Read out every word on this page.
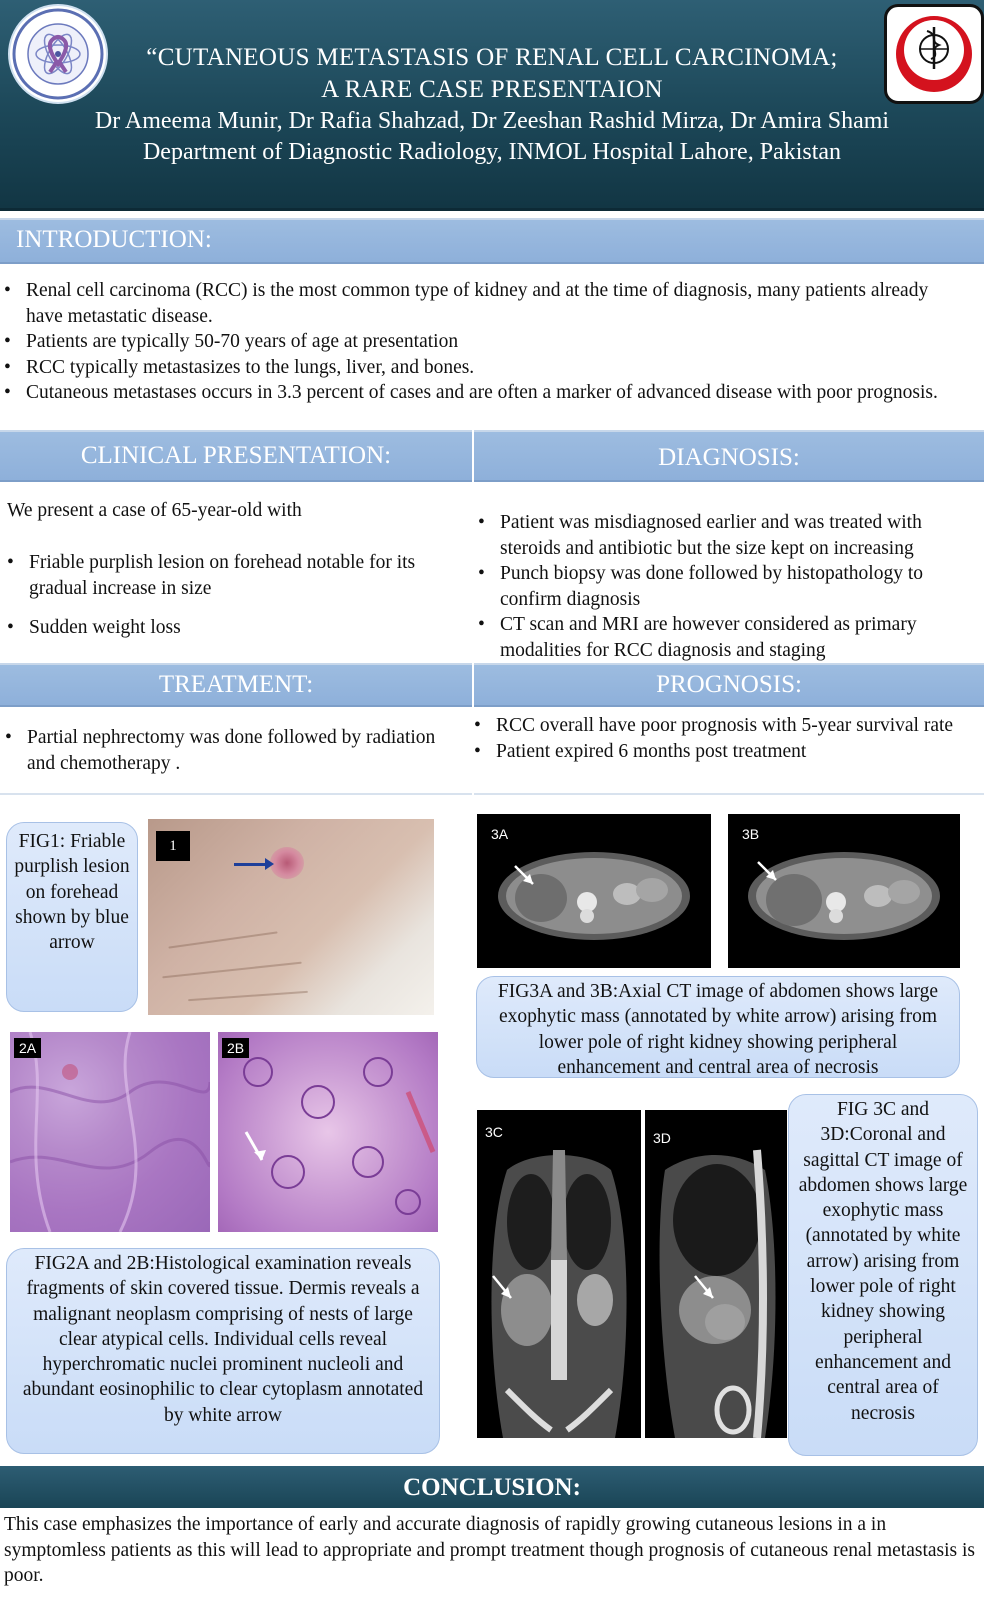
“CUTANEOUS METASTASIS OF RENAL CELL CARCINOMA;
A RARE CASE PRESENTAION
Dr Ameema Munir, Dr Rafia Shahzad, Dr Zeeshan Rashid Mirza, Dr Amira Shami
Department of Diagnostic Radiology, INMOL Hospital Lahore, Pakistan
INTRODUCTION:
• Renal cell carcinoma (RCC) is the most common type of kidney and at the time of diagnosis, many patients already have metastatic disease.
• Patients are typically 50-70 years of age at presentation
• RCC typically metastasizes to the lungs, liver, and bones.
• Cutaneous metastases occurs in 3.3 percent of cases and are often a marker of advanced disease with poor prognosis.
CLINICAL PRESENTATION:
We present a case of 65-year-old with
• Friable purplish lesion on forehead notable for its gradual increase in size
• Sudden weight loss
DIAGNOSIS:
• Patient was misdiagnosed earlier and was treated with steroids and antibiotic but the size kept on increasing
• Punch biopsy was done followed by histopathology to confirm diagnosis
• CT scan and MRI are however considered as primary modalities for RCC diagnosis and staging
TREATMENT:
• Partial nephrectomy was done followed by radiation and chemotherapy .
PROGNOSIS:
• RCC overall have poor prognosis with 5-year survival rate
• Patient expired 6 months post treatment
FIG1: Friable purplish lesion on forehead shown by blue arrow
1
2A	2B
FIG2A and 2B:Histological examination reveals fragments of skin covered tissue. Dermis reveals a malignant neoplasm comprising of nests of large clear atypical cells. Individual cells reveal hyperchromatic nuclei prominent nucleoli and abundant eosinophilic to clear cytoplasm annotated by white arrow
3A	3B
FIG3A and 3B:Axial CT image of abdomen shows large exophytic mass (annotated by white arrow) arising from lower pole of right kidney showing peripheral enhancement and central area of necrosis
3C	3D
FIG 3C and 3D:Coronal and sagittal CT image of abdomen shows large exophytic mass (annotated by white arrow) arising from lower pole of right kidney showing peripheral enhancement and central area of necrosis
CONCLUSION:
This case emphasizes the importance of early and accurate diagnosis of rapidly growing cutaneous lesions in a in symptomless patients as this will lead to appropriate and prompt treatment though prognosis of cutaneous renal metastasis is poor.
